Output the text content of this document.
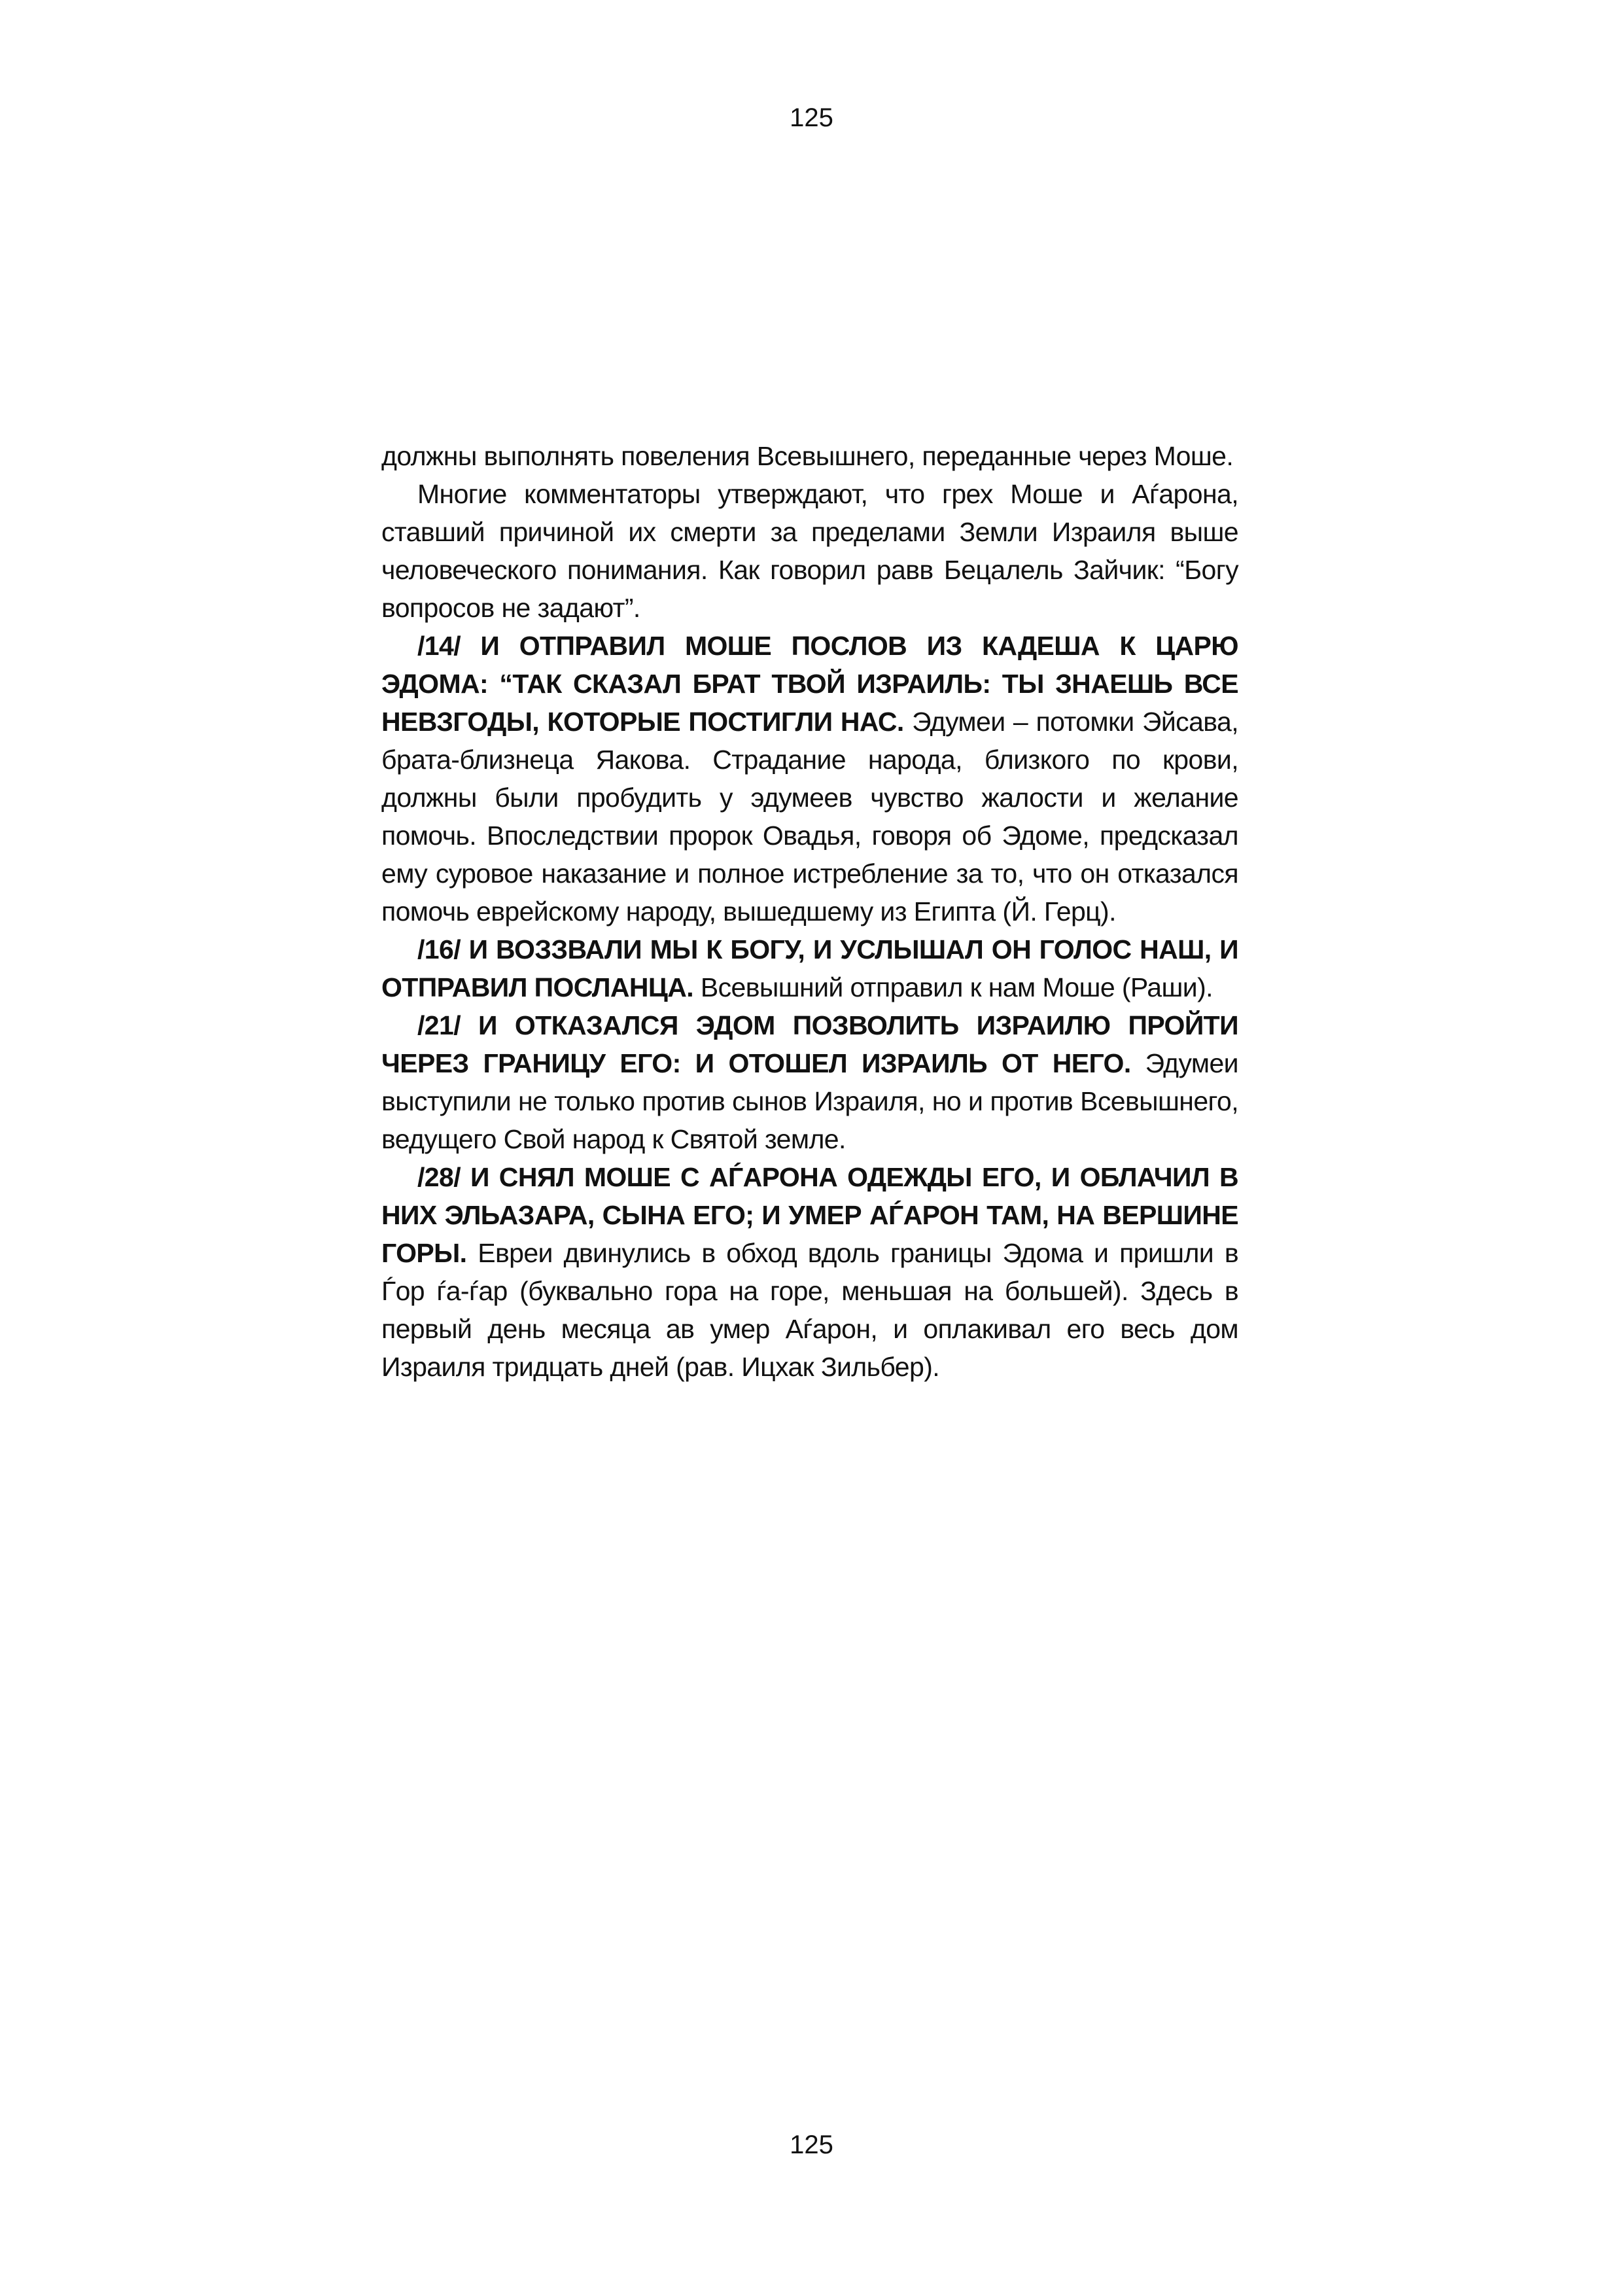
125

должны выполнять повеления Всевышнего, переданные через Моше.

Многие комментаторы утверждают, что грех Моше и Аѓарона, ставший причиной их смерти за пределами Земли Израиля выше человеческого понимания. Как говорил равв Бецалель Зайчик: “Богу вопросов не задают”.

/14/ И ОТПРАВИЛ МОШЕ ПОСЛОВ ИЗ КАДЕША К ЦАРЮ ЭДОМА: “ТАК СКАЗАЛ БРАТ ТВОЙ ИЗРАИЛЬ: ТЫ ЗНАЕШЬ ВСЕ НЕВЗГОДЫ, КОТОРЫЕ ПОСТИГЛИ НАС. Эдумеи – потомки Эйсава, брата-близнеца Яакова. Страдание народа, близкого по крови, должны были пробудить у эдумеев чувство жалости и желание помочь. Впоследствии пророк Овадья, говоря об Эдоме, предсказал ему суровое наказание и полное истребление за то, что он отказался помочь еврейскому народу, вышедшему из Египта (Й. Герц).

/16/ И ВОЗЗВАЛИ МЫ К БОГУ, И УСЛЫШАЛ ОН ГОЛОС НАШ, И ОТПРАВИЛ ПОСЛАНЦА. Всевышний отправил к нам Моше (Раши).

/21/ И ОТКАЗАЛСЯ ЭДОМ ПОЗВОЛИТЬ ИЗРАИЛЮ ПРОЙТИ ЧЕРЕЗ ГРАНИЦУ ЕГО: И ОТОШЕЛ ИЗРАИЛЬ ОТ НЕГО. Эдумеи выступили не только против сынов Израиля, но и против Всевышнего, ведущего Свой народ к Святой земле.

/28/ И СНЯЛ МОШЕ С АЃАРОНА ОДЕЖДЫ ЕГО, И ОБЛАЧИЛ В НИХ ЭЛЬАЗАРА, СЫНА ЕГО; И УМЕР АЃАРОН ТАМ, НА ВЕРШИНЕ ГОРЫ. Евреи двинулись в обход вдоль границы Эдома и пришли в Ѓор ѓа-ѓар (буквально гора на горе, меньшая на большей). Здесь в первый день месяца ав умер Аѓарон, и оплакивал его весь дом Израиля тридцать дней (рав. Ицхак Зильбер).

125
